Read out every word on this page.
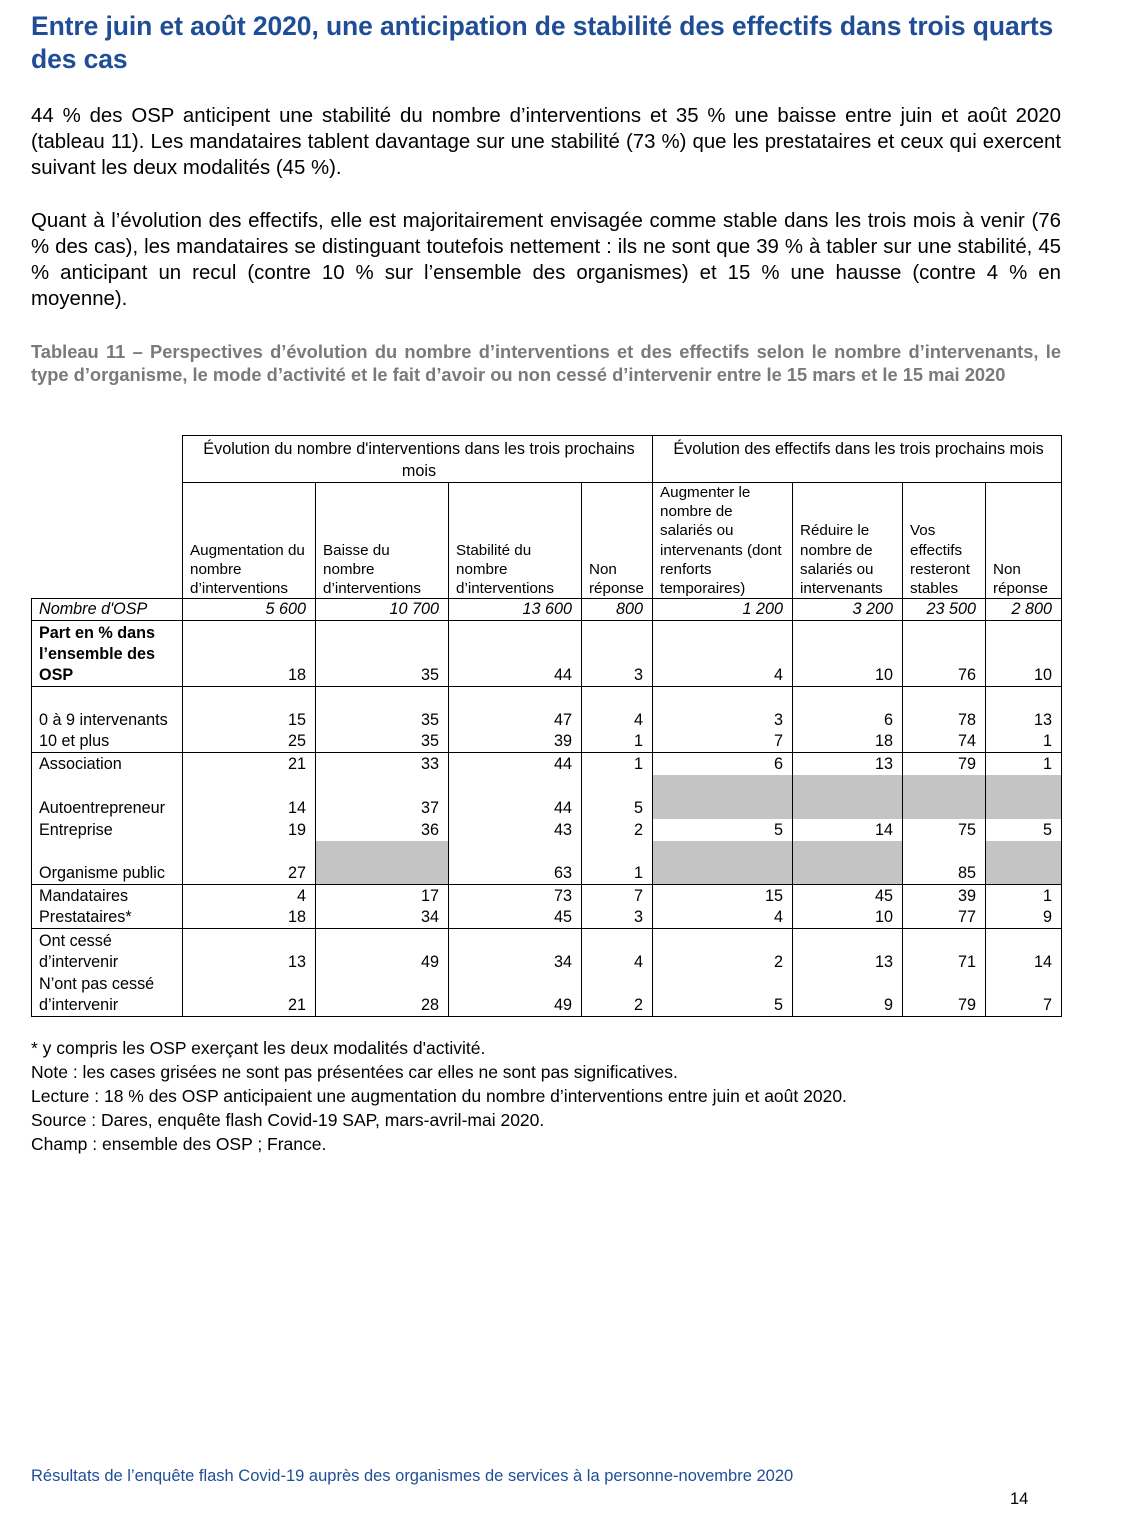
Entre juin et août 2020, une anticipation de stabilité des effectifs dans trois quarts des cas

44 % des OSP anticipent une stabilité du nombre d’interventions et 35 % une baisse entre juin et août 2020 (tableau 11). Les mandataires tablent davantage sur une stabilité (73 %) que les prestataires et ceux qui exercent suivant les deux modalités (45 %).

Quant à l’évolution des effectifs, elle est majoritairement envisagée comme stable dans les trois mois à venir (76 % des cas), les mandataires se distinguant toutefois nettement : ils ne sont que 39 % à tabler sur une stabilité, 45 % anticipant un recul (contre 10 % sur l’ensemble des organismes) et 15 % une hausse (contre 4 % en moyenne).

Tableau 11 – Perspectives d’évolution du nombre d’interventions et des effectifs selon le nombre d’intervenants, le type d’organisme, le mode d’activité et le fait d’avoir ou non cessé d’intervenir entre le 15 mars et le 15 mai 2020

	Évolution du nombre d'interventions dans les trois prochains mois				Évolution des effectifs dans les trois prochains mois			
	Augmentation du nombre d’interventions	Baisse du nombre d’interventions	Stabilité du nombre d’interventions	Non réponse	Augmenter le nombre de salariés ou intervenants (dont renforts temporaires)	Réduire le nombre de salariés ou intervenants	Vos effectifs resteront stables	Non réponse
Nombre d'OSP	5 600	10 700	13 600	800	1 200	3 200	23 500	2 800
Part en % dans l’ensemble des OSP	18	35	44	3	4	10	76	10
0 à 9 intervenants	15	35	47	4	3	6	78	13
10 et plus	25	35	39	1	7	18	74	1
Association	21	33	44	1	6	13	79	1
Autoentrepreneur	14	37	44	5				
Entreprise	19	36	43	2	5	14	75	5
Organisme public	27		63	1			85	
Mandataires	4	17	73	7	15	45	39	1
Prestataires*	18	34	45	3	4	10	77	9
Ont cessé d’intervenir	13	49	34	4	2	13	71	14
N’ont pas cessé d’intervenir	21	28	49	2	5	9	79	7
* y compris les OSP exerçant les deux modalités d'activité.
Note : les cases grisées ne sont pas présentées car elles ne sont pas significatives.
Lecture : 18 % des OSP anticipaient une augmentation du nombre d’interventions entre juin et août 2020.
Source : Dares, enquête flash Covid-19 SAP, mars-avril-mai 2020.
Champ : ensemble des OSP ; France.
Résultats de l’enquête flash Covid-19 auprès des organismes de services à la personne-novembre 2020
14
